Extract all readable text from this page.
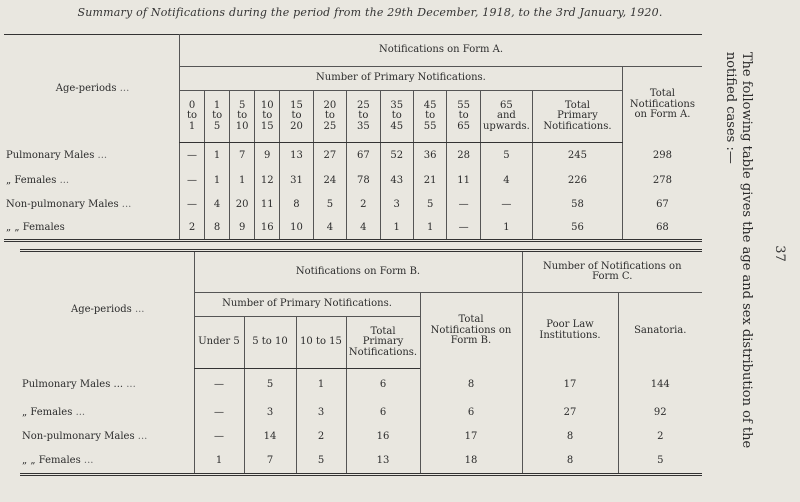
Summary of Notifications during the period from the 29th December, 1918, to the 3rd January, 1920.
The following table gives the age and sex distribution of the
notified cases :—
37
Age-periods ...	Notifications on Form A.												
	Number of Primary Notifications.												Total Notifications on Form A.
	0
to
1	1
to
5	5
to
10	10
to
15	15
to
20	20
to
25	25
to
35	35
to
45	45
to
55	55
to
65	65
and
upwards.	Total
Primary
Notifications.	
Pulmonary Males ...	—	1	7	9	13	27	67	52	36	28	5	245	298
„ Females ...	—	1	1	12	31	24	78	43	21	11	4	226	278
Non-pulmonary Males ...	—	4	20	11	8	5	2	3	5	—	—	58	67
„ „ Females	2	8	9	16	10	4	4	1	1	—	1	56	68
Age-periods ...	Notifications on Form B.					Number of Notifications on Form C.	
	Number of Primary Notifications.				Total Notifications on Form B.	Poor Law Institutions.	Sanatoria.
	Under 5	5 to 10	10 to 15	Total
Primary
Notifications.			
Pulmonary Males ... ...	—	5	1	6	8	17	144
„ Females ...	—	3	3	6	6	27	92
Non-pulmonary Males ...	—	14	2	16	17	8	2
„ „ Females ...	1	7	5	13	18	8	5
